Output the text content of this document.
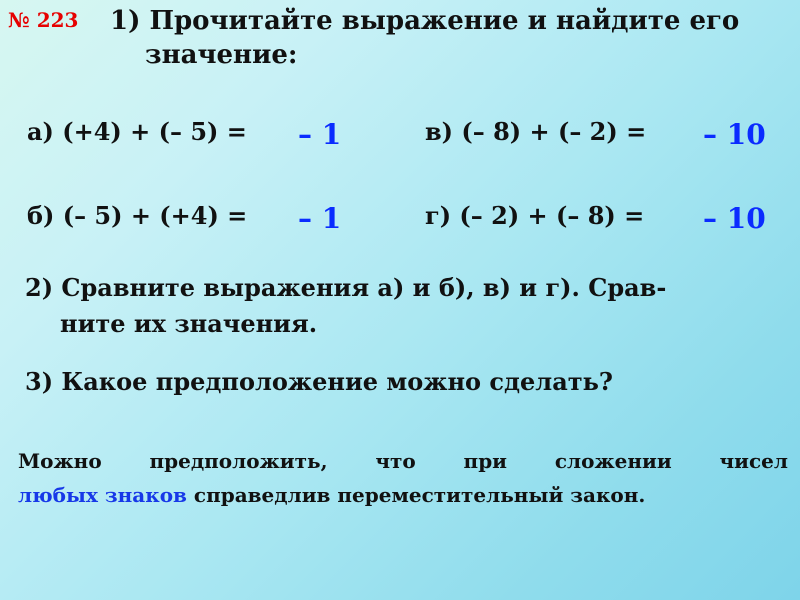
№ 223 1) Прочитайте выражение и найдите его
значение:
а) (+4) + (– 5) = – 1
б) (– 5) + (+4) = – 1
в) (– 8) + (– 2) = – 10
г) (– 2) + (– 8) = – 10
2) Сравните выражения а) и б), в) и г). Срав-
ните их значения.
3) Какое предположение можно сделать?
Можно предположить, что при сложении чисел
любых знаков справедлив переместительный закон.
